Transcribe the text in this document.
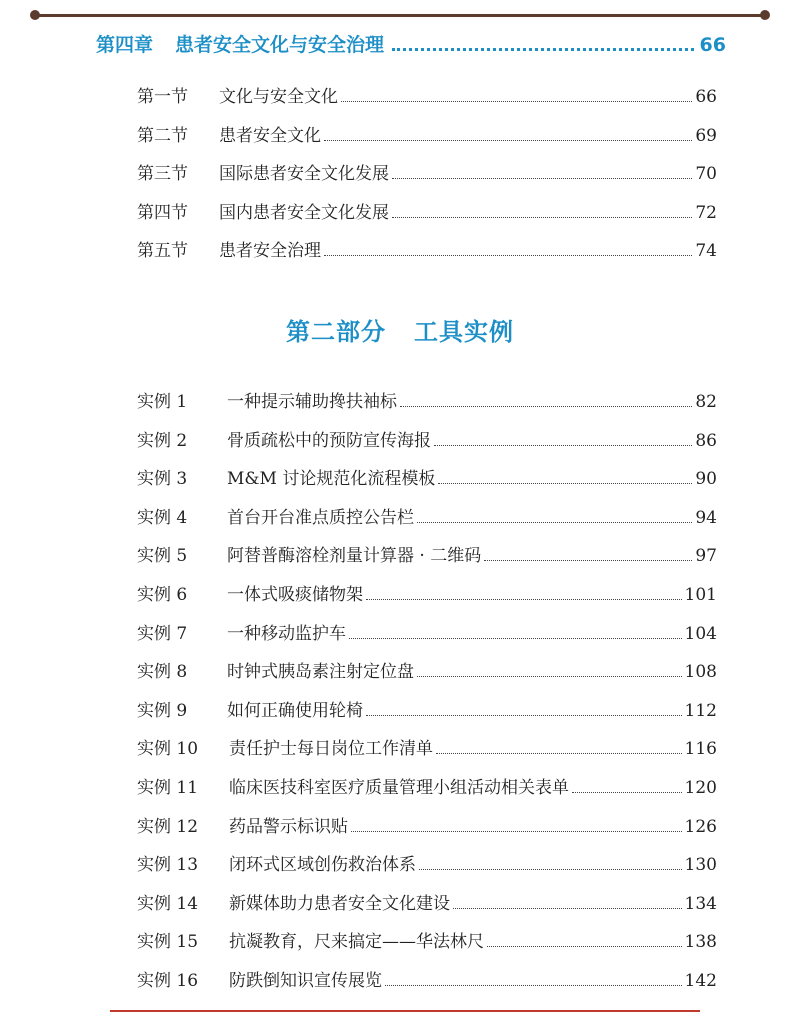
第四章 患者安全文化与安全治理	66
第一节	文化与安全文化	66
第二节	患者安全文化	69
第三节	国际患者安全文化发展	70
第四节	国内患者安全文化发展	72
第五节	患者安全治理	74
第二部分 工具实例
实例 1	一种提示辅助搀扶袖标	82
实例 2	骨质疏松中的预防宣传海报	86
实例 3	M&M 讨论规范化流程模板	90
实例 4	首台开台准点质控公告栏	94
实例 5	阿替普酶溶栓剂量计算器 · 二维码	97
实例 6	一体式吸痰储物架	101
实例 7	一种移动监护车	104
实例 8	时钟式胰岛素注射定位盘	108
实例 9	如何正确使用轮椅	112
实例 10	责任护士每日岗位工作清单	116
实例 11	临床医技科室医疗质量管理小组活动相关表单	120
实例 12	药品警示标识贴	126
实例 13	闭环式区域创伤救治体系	130
实例 14	新媒体助力患者安全文化建设	134
实例 15	抗凝教育，尺来搞定——华法林尺	138
实例 16	防跌倒知识宣传展览	142
